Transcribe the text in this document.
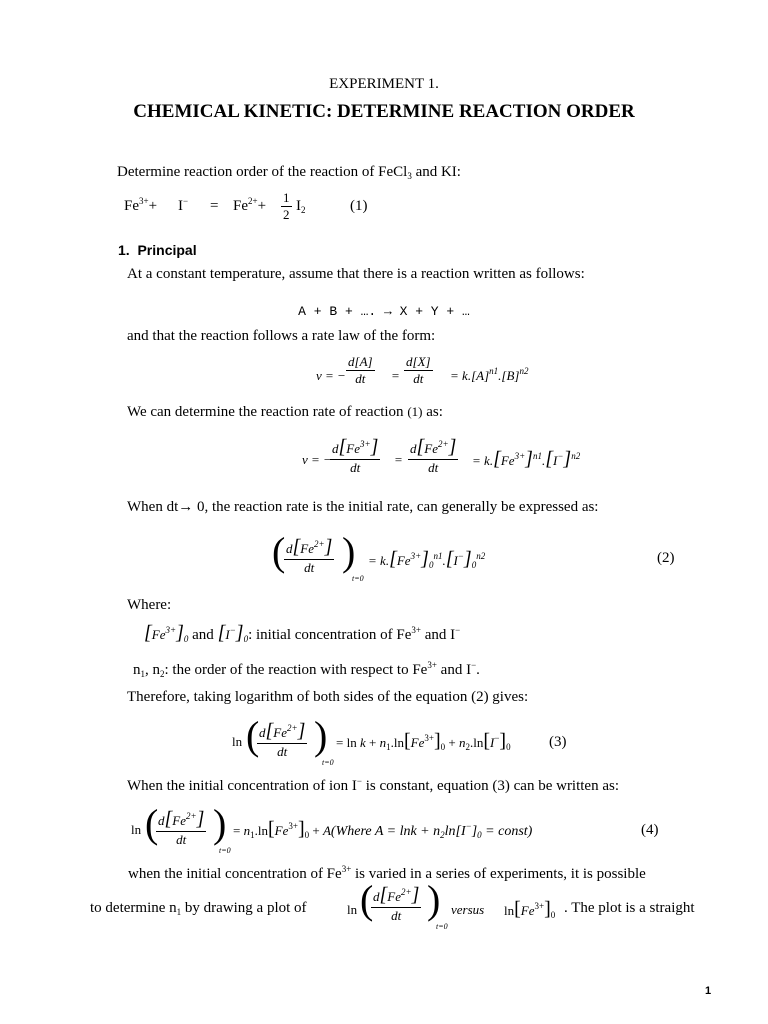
EXPERIMENT 1.
CHEMICAL KINETIC: DETERMINE REACTION ORDER
Determine reaction order of the reaction of FeCl$_3$ and KI:
$Fe^{3+}+ I^- = Fe^{2+}+ \frac{1}{2} I_2$	(1)
1. Principal
At a constant temperature, assume that there is a reaction written as follows:
A + B + …. → X + Y + …
and that the reaction follows a rate law of the form:
v = − $\frac{d[A]}{dt} = \frac{d[X]}{dt} = k.[A]^{n1}.[B]^{n2}$
We can determine the reaction rate of reaction (1) as:
v = −
$\frac{d[Fe^{3+}]}{dt} = \frac{d[Fe^{2+}]}{dt} = k.[Fe^{3+}]^{n1}.[I^-]^{n2}$
When dt→ 0, the reaction rate is the initial rate, can generally be expressed as:
(
$\frac{d[Fe^{2+}]}{dt}$ )
t=0
= $k.[Fe^{3+}]_0^{n1}.[I^-]_0^{n2}$	(2)
Where:
$[Fe^{3+}]_0$ and $[I^-]_0$: initial concentration of $Fe^{3+}$ and I−
$n_1$, $n_2$: the order of the reaction with respect to $Fe^{3+}$ and I−.
Therefore, taking logarithm of both sides of the equation (2) gives:
ln (
$\frac{d[Fe^{2+}]}{dt}$ )
t=0
= $\ln k + n_1.\ln[Fe^{3+}]_0 + n_2.\ln[I^-]_0$	(3)
When the initial concentration of ion I− is constant, equation (3) can be written as:
ln (
$\frac{d[Fe^{2+}]}{dt}$ )
t=0
= $n_1.\ln[Fe^{3+}]_0$ + A(Where $A = \ln k + n_2\ln[I^-]_0$ = const)	(4)
when the initial concentration of $Fe^{3+}$ is varied in a series of experiments, it is possible
to determine $n_1$ by drawing a plot of	ln (
$\frac{d[Fe^{2+}]}{dt}$ )
t=0
versus $\ln[Fe^{3+}]_0$ . The plot is a straight
1
